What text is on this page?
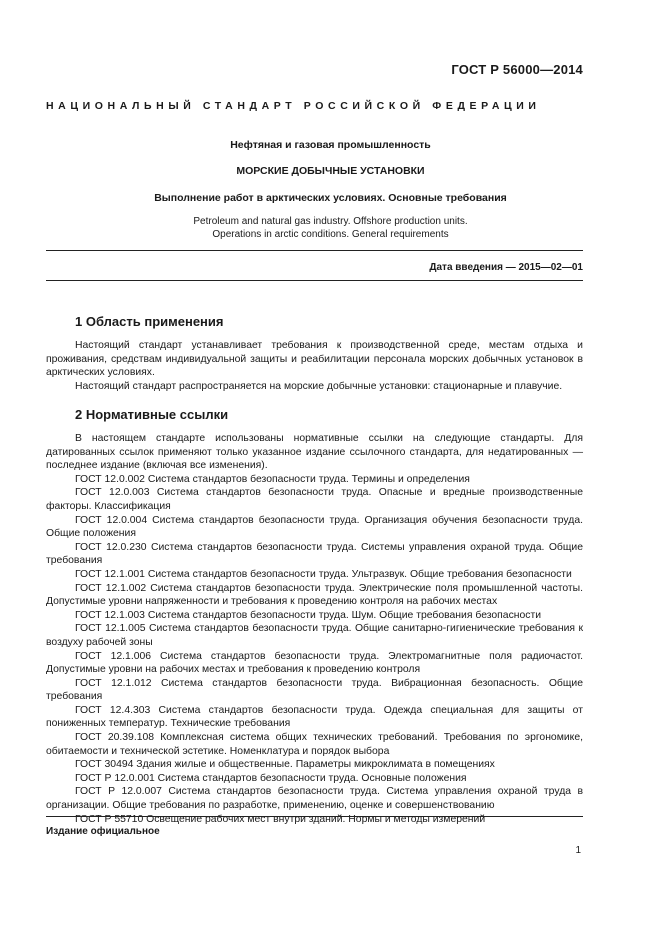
ГОСТ Р 56000—2014
НАЦИОНАЛЬНЫЙ СТАНДАРТ РОССИЙСКОЙ ФЕДЕРАЦИИ
Нефтяная и газовая промышленность
МОРСКИЕ ДОБЫЧНЫЕ УСТАНОВКИ
Выполнение работ в арктических условиях. Основные требования
Petroleum and natural gas industry. Offshore production units.
Operations in arctic conditions. General requirements
Дата введения — 2015—02—01
1 Область применения

Настоящий стандарт устанавливает требования к производственной среде, местам отдыха и проживания, средствам индивидуальной защиты и реабилитации персонала морских добычных установок в арктических условиях.

Настоящий стандарт распространяется на морские добычные установки: стационарные и плавучие.

2 Нормативные ссылки

В настоящем стандарте использованы нормативные ссылки на следующие стандарты. Для датированных ссылок применяют только указанное издание ссылочного стандарта, для недатированных — последнее издание (включая все изменения).

ГОСТ 12.0.002 Система стандартов безопасности труда. Термины и определения

ГОСТ 12.0.003 Система стандартов безопасности труда. Опасные и вредные производственные факторы. Классификация

ГОСТ 12.0.004 Система стандартов безопасности труда. Организация обучения безопасности труда. Общие положения

ГОСТ 12.0.230 Система стандартов безопасности труда. Системы управления охраной труда. Общие требования

ГОСТ 12.1.001 Система стандартов безопасности труда. Ультразвук. Общие требования безопасности

ГОСТ 12.1.002 Система стандартов безопасности труда. Электрические поля промышленной частоты. Допустимые уровни напряженности и требования к проведению контроля на рабочих местах

ГОСТ 12.1.003 Система стандартов безопасности труда. Шум. Общие требования безопасности

ГОСТ 12.1.005 Система стандартов безопасности труда. Общие санитарно-гигиенические требования к воздуху рабочей зоны

ГОСТ 12.1.006 Система стандартов безопасности труда. Электромагнитные поля радиочастот. Допустимые уровни на рабочих местах и требования к проведению контроля

ГОСТ 12.1.012 Система стандартов безопасности труда. Вибрационная безопасность. Общие требования

ГОСТ 12.4.303 Система стандартов безопасности труда. Одежда специальная для защиты от пониженных температур. Технические требования

ГОСТ 20.39.108 Комплексная система общих технических требований. Требования по эргономике, обитаемости и технической эстетике. Номенклатура и порядок выбора

ГОСТ 30494 Здания жилые и общественные. Параметры микроклимата в помещениях

ГОСТ Р 12.0.001 Система стандартов безопасности труда. Основные положения

ГОСТ Р 12.0.007 Система стандартов безопасности труда. Система управления охраной труда в организации. Общие требования по разработке, применению, оценке и совершенствованию

ГОСТ Р 55710 Освещение рабочих мест внутри зданий. Нормы и методы измерений

Издание официальное
1
